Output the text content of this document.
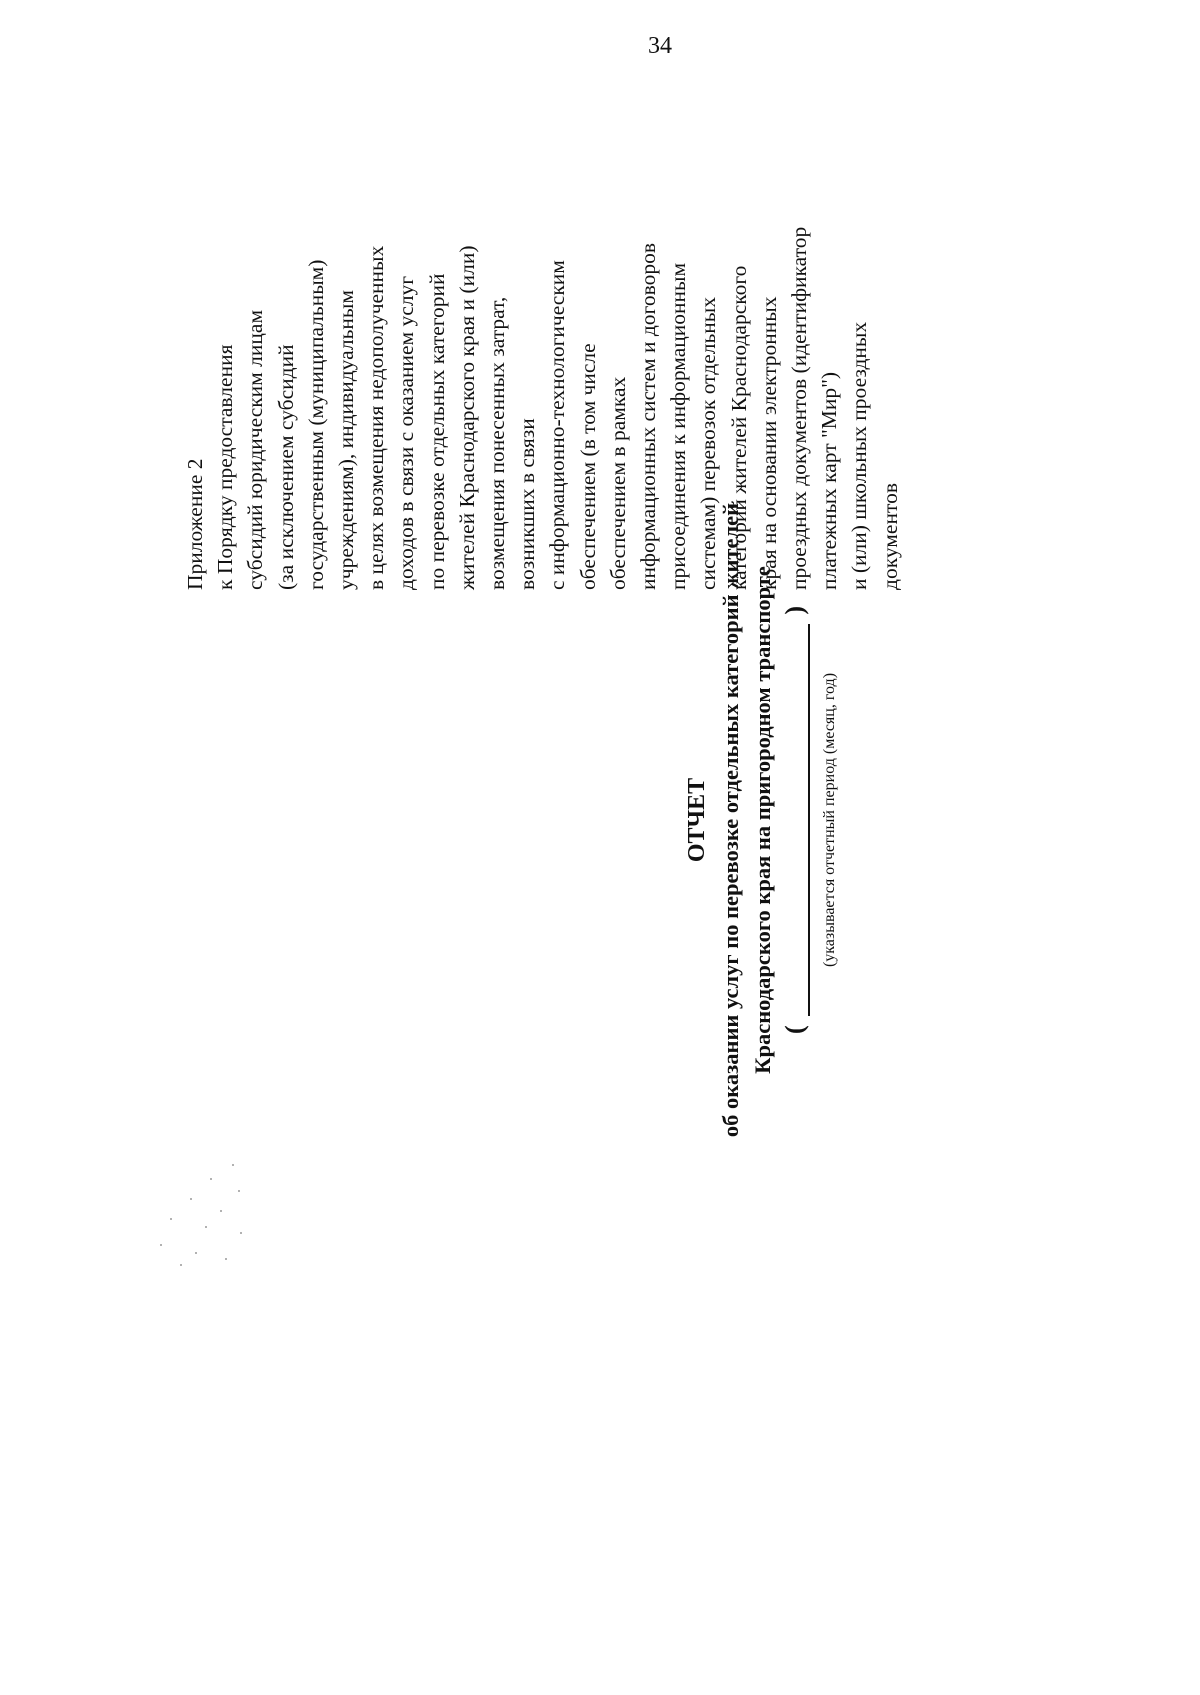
34
Приложение 2 к Порядку предоставления субсидий юридическим лицам (за исключением субсидий государственным (муниципальным) учреждениям), индивидуальным в целях возмещения недополученных доходов в связи с оказанием услуг по перевозке отдельных категорий жителей Краснодарского края и (или) возмещения понесенных затрат, возникших в связи с информационно-технологическим обеспечением (в том числе обеспечением в рамках информационных систем и договоров присоединения к информационным системам) перевозок отдельных категорий жителей Краснодарского края на основании электронных проездных документов (идентификатор платежных карт "Мир") и (или) школьных проездных документов
ОТЧЕТ об оказании услуг по перевозке отдельных категорий жителей Краснодарского края на пригородном транспорте (
)
(указывается отчетный период (месяц, год)
